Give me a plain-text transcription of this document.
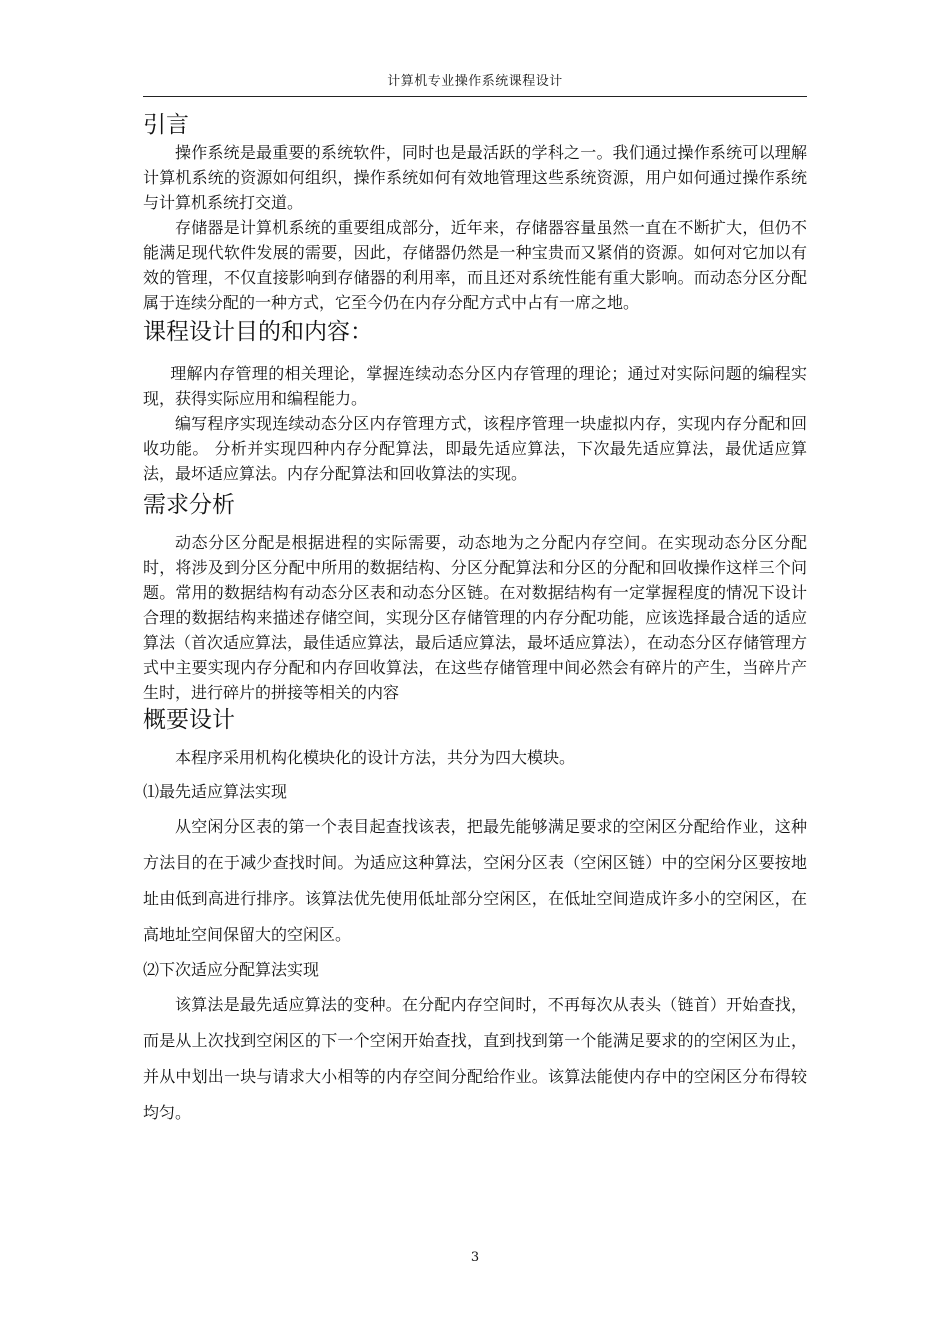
计算机专业操作系统课程设计
引言

操作系统是最重要的系统软件，同时也是最活跃的学科之一。我们通过操作系统可以理解计算机系统的资源如何组织，操作系统如何有效地管理这些系统资源，用户如何通过操作系统与计算机系统打交道。

存储器是计算机系统的重要组成部分，近年来，存储器容量虽然一直在不断扩大，但仍不能满足现代软件发展的需要，因此，存储器仍然是一种宝贵而又紧俏的资源。如何对它加以有效的管理，不仅直接影响到存储器的利用率，而且还对系统性能有重大影响。而动态分区分配属于连续分配的一种方式，它至今仍在内存分配方式中占有一席之地。

课程设计目的和内容：

理解内存管理的相关理论，掌握连续动态分区内存管理的理论；通过对实际问题的编程实现，获得实际应用和编程能力。

编写程序实现连续动态分区内存管理方式，该程序管理一块虚拟内存，实现内存分配和回收功能。 分析并实现四种内存分配算法，即最先适应算法，下次最先适应算法，最优适应算法，最坏适应算法。内存分配算法和回收算法的实现。

需求分析

动态分区分配是根据进程的实际需要，动态地为之分配内存空间。在实现动态分区分配时，将涉及到分区分配中所用的数据结构、分区分配算法和分区的分配和回收操作这样三个问题。常用的数据结构有动态分区表和动态分区链。在对数据结构有一定掌握程度的情况下设计合理的数据结构来描述存储空间，实现分区存储管理的内存分配功能，应该选择最合适的适应算法（首次适应算法，最佳适应算法，最后适应算法，最坏适应算法），在动态分区存储管理方式中主要实现内存分配和内存回收算法，在这些存储管理中间必然会有碎片的产生，当碎片产生时，进行碎片的拼接等相关的内容

概要设计

本程序采用机构化模块化的设计方法，共分为四大模块。

⑴最先适应算法实现

从空闲分区表的第一个表目起查找该表，把最先能够满足要求的空闲区分配给作业，这种方法目的在于减少查找时间。为适应这种算法，空闲分区表（空闲区链）中的空闲分区要按地址由低到高进行排序。该算法优先使用低址部分空闲区，在低址空间造成许多小的空闲区，在高地址空间保留大的空闲区。

⑵下次适应分配算法实现

该算法是最先适应算法的变种。在分配内存空间时，不再每次从表头（链首）开始查找，而是从上次找到空闲区的下一个空闲开始查找，直到找到第一个能满足要求的的空闲区为止，并从中划出一块与请求大小相等的内存空间分配给作业。该算法能使内存中的空闲区分布得较均匀。

3
